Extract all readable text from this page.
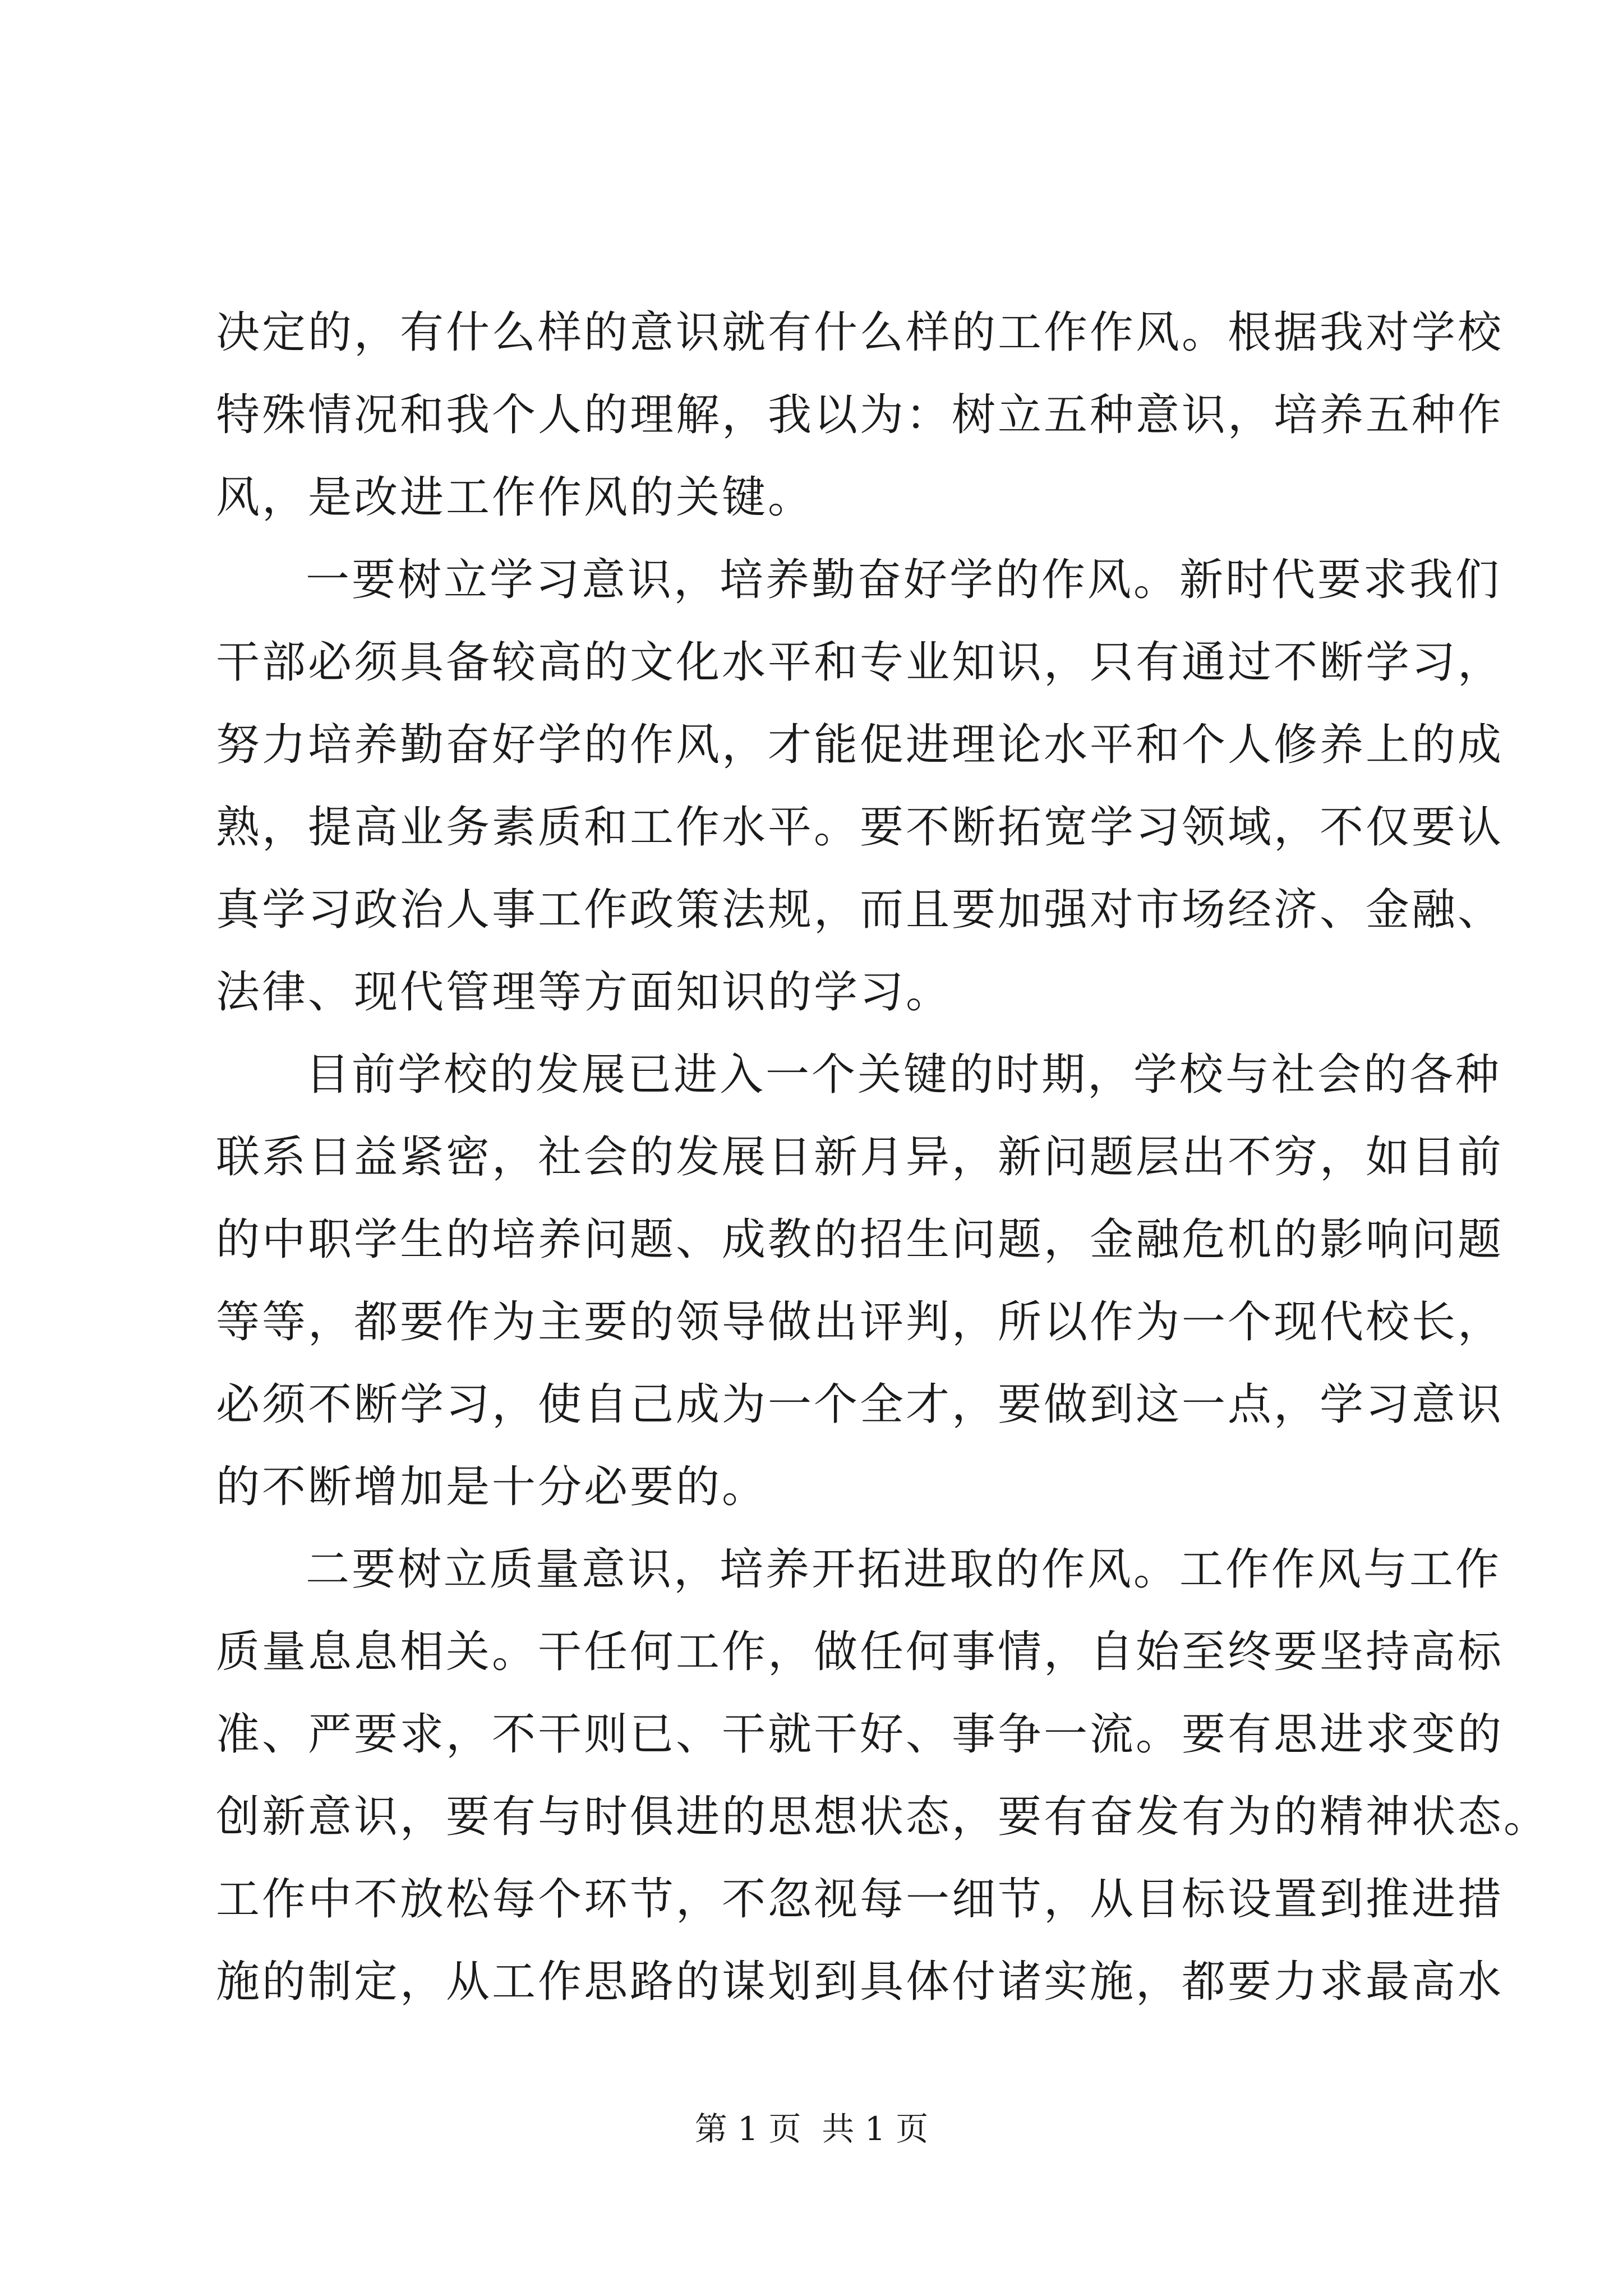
决定的，有什么样的意识就有什么样的工作作风。根据我对学校
特殊情况和我个人的理解，我以为：树立五种意识，培养五种作
风，是改进工作作风的关键。
一要树立学习意识，培养勤奋好学的作风。新时代要求我们
干部必须具备较高的文化水平和专业知识，只有通过不断学习，
努力培养勤奋好学的作风，才能促进理论水平和个人修养上的成
熟，提高业务素质和工作水平。要不断拓宽学习领域，不仅要认
真学习政治人事工作政策法规，而且要加强对市场经济、金融、
法律、现代管理等方面知识的学习。
目前学校的发展已进入一个关键的时期，学校与社会的各种
联系日益紧密，社会的发展日新月异，新问题层出不穷，如目前
的中职学生的培养问题、成教的招生问题，金融危机的影响问题
等等，都要作为主要的领导做出评判，所以作为一个现代校长，
必须不断学习，使自己成为一个全才，要做到这一点，学习意识
的不断增加是十分必要的。
二要树立质量意识，培养开拓进取的作风。工作作风与工作
质量息息相关。干任何工作，做任何事情，自始至终要坚持高标
准、严要求，不干则已、干就干好、事争一流。要有思进求变的
创新意识，要有与时俱进的思想状态，要有奋发有为的精神状态。
工作中不放松每个环节，不忽视每一细节，从目标设置到推进措
施的制定，从工作思路的谋划到具体付诸实施，都要力求最高水
第 1 页  共 1 页
